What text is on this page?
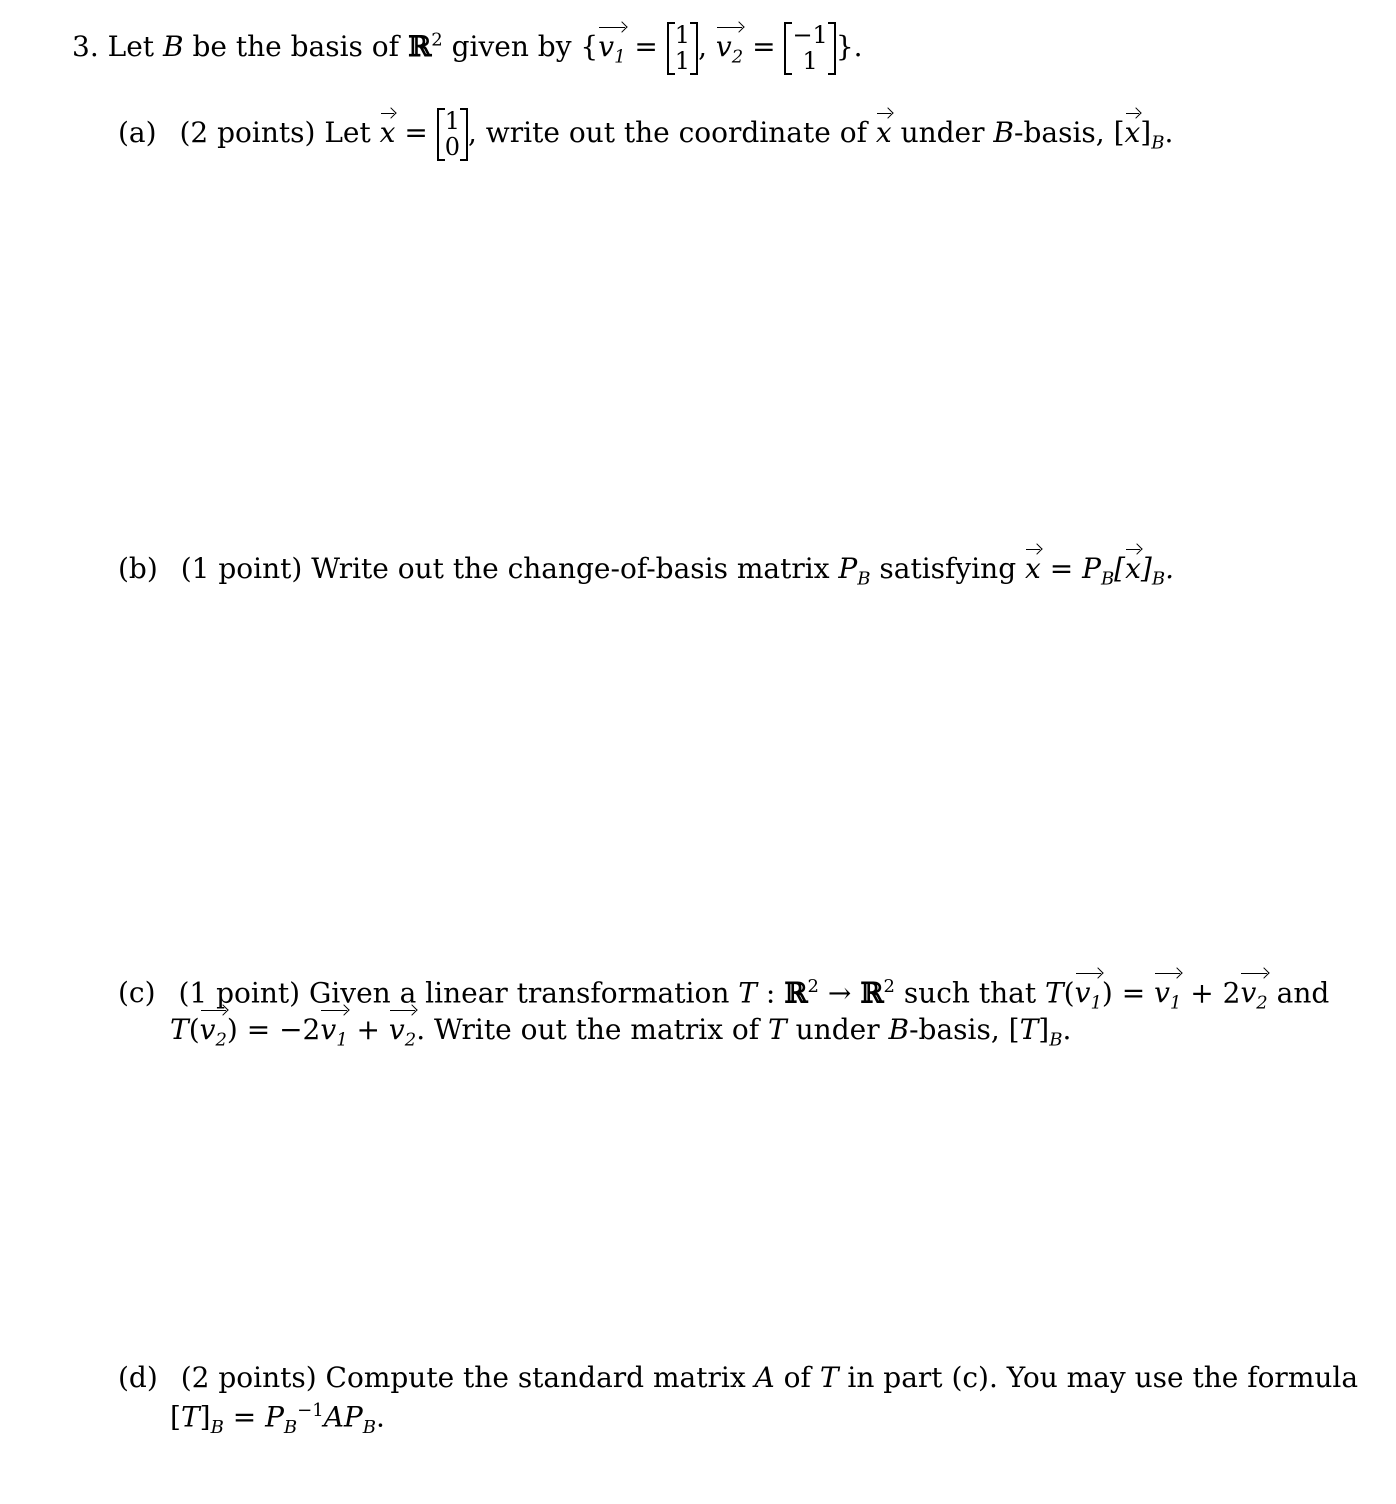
3. Let B be the basis of ℝ$^2$ given by {$v_1 = 1$
1 , $v_2 = -1$
1 }.
(a) (2 points) Let x = 1
0 , write out the coordinate of x under B-basis, $[x]_B$.
(b) (1 point) Write out the change-of-basis matrix $P_B$ satisfying $x = P_B[x]_B$.
(c) (1 point) Given a linear transformation T : ℝ$^2$ → ℝ$^2$ such that $T(v_1) = v_1 + 2v_2$ and
$T(v_2) = -2v_1 + v_2$. Write out the matrix of T under B-basis, $[T]_B$.
(d) (2 points) Compute the standard matrix A of T in part (c). You may use the formula
$[T]_B = P_B^{-1}AP_B$.
